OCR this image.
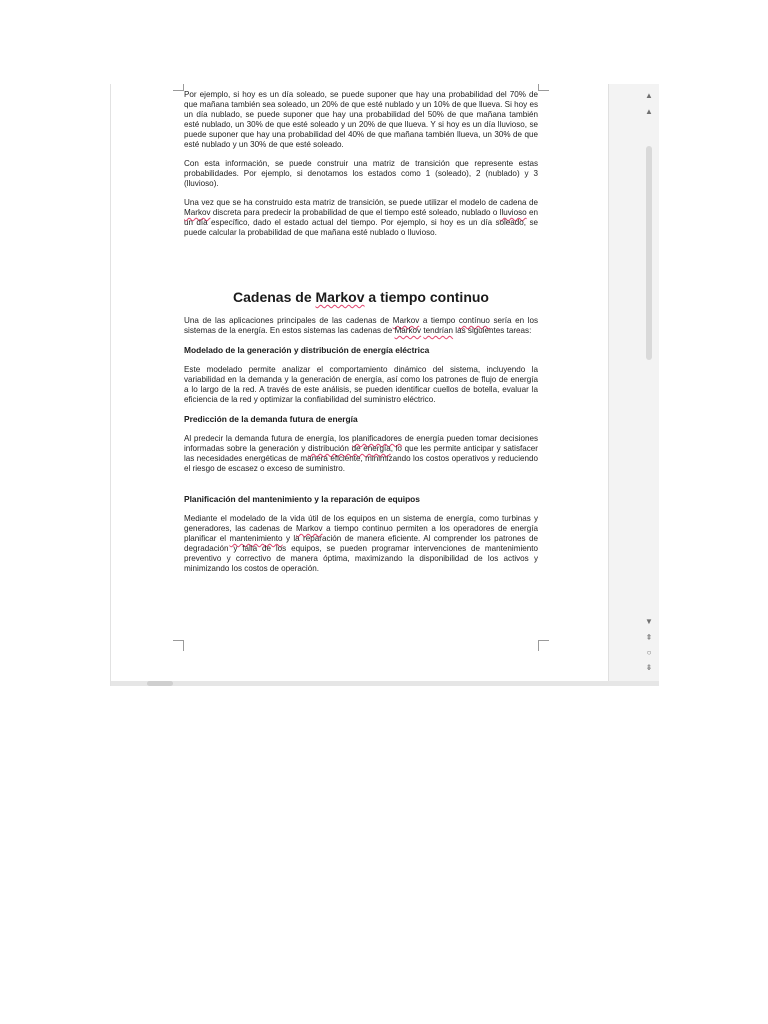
Por ejemplo, si hoy es un día soleado, se puede suponer que hay una probabilidad del 70% de que mañana también sea soleado, un 20% de que esté nublado y un 10% de que llueva. Si hoy es un día nublado, se puede suponer que hay una probabilidad del 50% de que mañana también esté nublado, un 30% de que esté soleado y un 20% de que llueva. Y si hoy es un día lluvioso, se puede suponer que hay una probabilidad del 40% de que mañana también llueva, un 30% de que esté nublado y un 30% de que esté soleado.

Con esta información, se puede construir una matriz de transición que represente estas probabilidades. Por ejemplo, si denotamos los estados como 1 (soleado), 2 (nublado) y 3 (lluvioso).

Una vez que se ha construido esta matriz de transición, se puede utilizar el modelo de cadena de Markov discreta para predecir la probabilidad de que el tiempo esté soleado, nublado o lluvioso en un día específico, dado el estado actual del tiempo. Por ejemplo, si hoy es un día soleado, se puede calcular la probabilidad de que mañana esté nublado o lluvioso.

Cadenas de Markov a tiempo continuo

Una de las aplicaciones principales de las cadenas de Markov a tiempo contínuo sería en los sistemas de la energía. En estos sistemas las cadenas de Markov tendrían las siguientes tareas:

Modelado de la generación y distribución de energía eléctrica

Este modelado permite analizar el comportamiento dinámico del sistema, incluyendo la variabilidad en la demanda y la generación de energía, así como los patrones de flujo de energía a lo largo de la red. A través de este análisis, se pueden identificar cuellos de botella, evaluar la eficiencia de la red y optimizar la confiabilidad del suministro eléctrico.

Predicción de la demanda futura de energía

Al predecir la demanda futura de energía, los planificadores de energía pueden tomar decisiones informadas sobre la generación y distribución de energía, lo que les permite anticipar y satisfacer las necesidades energéticas de manera eficiente, minimizando los costos operativos y reduciendo el riesgo de escasez o exceso de suministro.

Planificación del mantenimiento y la reparación de equipos

Mediante el modelado de la vida útil de los equipos en un sistema de energía, como turbinas y generadores, las cadenas de Markov a tiempo continuo permiten a los operadores de energía planificar el mantenimiento y la reparación de manera eficiente. Al comprender los patrones de degradación y falla de los equipos, se pueden programar intervenciones de mantenimiento preventivo y correctivo de manera óptima, maximizando la disponibilidad de los activos y minimizando los costos de operación.

▲︎
▲
▼
⇞
○
⇟
